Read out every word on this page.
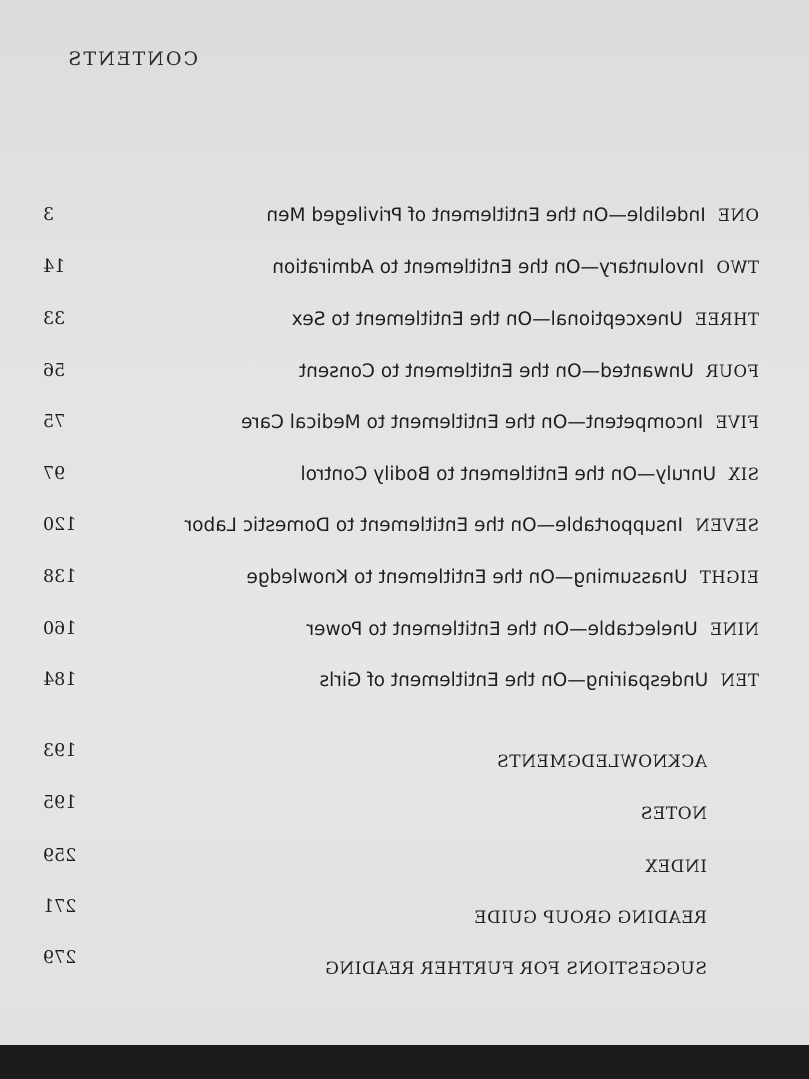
CONTENTS
ONE  Indelible—On the Entitlement of Privileged Men
3
TWO  Involuntary—On the Entitlement to Admiration
14
THREE  Unexceptional—On the Entitlement to Sex
33
FOUR  Unwanted—On the Entitlement to Consent
56
FIVE  Incompetent—On the Entitlement to Medical Care
75
SIX  Unruly—On the Entitlement to Bodily Control
97
SEVEN  Insupportable—On the Entitlement to Domestic Labor
120
EIGHT  Unassuming—On the Entitlement to Knowledge
138
NINE  Unelectable—On the Entitlement to Power
160
TEN  Undespairing—On the Entitlement of Girls
184
ACKNOWLEDGMENTS
193
NOTES
195
INDEX
259
READING GROUP GUIDE
271
SUGGESTIONS FOR FURTHER READING
279
